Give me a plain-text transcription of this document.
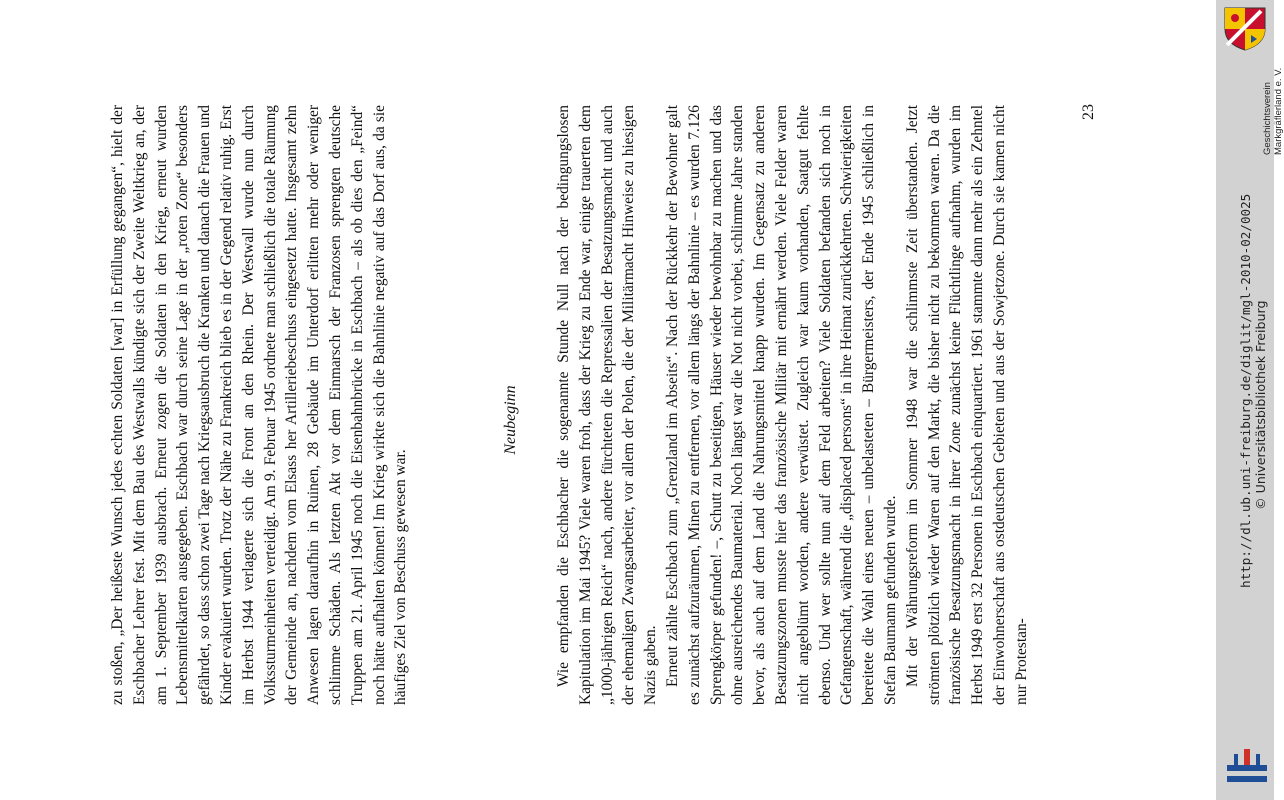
zu stoßen, „Der heißeste Wunsch jedes echten Soldaten [war] in Erfüllung gegangen“, hielt der Eschbacher Lehrer fest. Mit dem Bau des Westwalls kündigte sich der Zweite Weltkrieg an, der am 1. September 1939 ausbrach. Erneut zogen die Soldaten in den Krieg, erneut wurden Lebensmittelkarten ausgegeben. Eschbach war durch seine Lage in der „roten Zone“ besonders gefährdet, so dass schon zwei Tage nach Kriegsausbruch die Kranken und danach die Frauen und Kinder evakuiert wurden. Trotz der Nähe zu Frankreich blieb es in der Gegend relativ ruhig. Erst im Herbst 1944 verlagerte sich die Front an den Rhein. Der Westwall wurde nun durch Volkssturmeinheiten verteidigt. Am 9. Februar 1945 ordnete man schließlich die totale Räumung der Gemeinde an, nachdem vom Elsass her Artilleriebeschuss eingesetzt hatte. Insgesamt zehn Anwesen lagen daraufhin in Ruinen, 28 Gebäude im Unterdorf erlitten mehr oder weniger schlimme Schäden. Als letzten Akt vor dem Einmarsch der Franzosen sprengten deutsche Truppen am 21. April 1945 noch die Eisenbahnbrücke in Eschbach – als ob dies den „Feind“ noch hätte aufhalten können! Im Krieg wirkte sich die Bahnlinie negativ auf das Dorf aus, da sie häufiges Ziel von Beschuss gewesen war.

Neubeginn Wie empfanden die Eschbacher die sogenannte Stunde Null nach der bedingungslosen Kapitulation im Mai 1945? Viele waren froh, dass der Krieg zu Ende war, einige trauerten dem „1000-jährigen Reich“ nach, andere fürchteten die Repressalien der Besatzungsmacht und auch der ehemaligen Zwangsarbeiter, vor allem der Polen, die der Militärmacht Hinweise zu hiesigen Nazis gaben. Erneut zählte Eschbach zum „Grenzland im Abseits“. Nach der Rückkehr der Bewohner galt es zunächst aufzuräumen, Minen zu entfernen, vor allem längs der Bahnlinie – es wurden 7.126 Sprengkörper gefunden! –, Schutt zu beseitigen, Häuser wieder bewohnbar zu machen und das ohne ausreichendes Baumaterial. Noch längst war die Not nicht vorbei, schlimme Jahre standen bevor, als auch auf dem Land die Nahrungsmittel knapp wurden. Im Gegensatz zu anderen Besatzungszonen musste hier das französische Militär mit ernährt werden. Viele Felder waren nicht angeblümt worden, andere verwüstet. Zugleich war kaum vorhanden, Saatgut fehlte ebenso. Und wer sollte nun auf dem Feld arbeiten? Viele Soldaten befanden sich noch in Gefangenschaft, während die „displaced persons“ in ihre Heimat zurückkehrten. Schwierigkeiten bereitete die Wahl eines neuen – unbelasteten – Bürgermeisters, der Ende 1945 schließlich in Stefan Baumann gefunden wurde. Mit der Währungsreform im Sommer 1948 war die schlimmste Zeit überstanden. Jetzt strömten plötzlich wieder Waren auf den Markt, die bisher nicht zu bekommen waren. Da die französische Besatzungsmacht in ihrer Zone zunächst keine Flüchtlinge aufnahm, wurden im Herbst 1949 erst 32 Personen in Eschbach einquartiert. 1961 stammte dann mehr als ein Zehntel der Einwohnerschaft aus ostdeutschen Gebieten und aus der Sowjetzone. Durch sie kamen nicht nur Protestan-

23	Geschichtsverein Markgräflerland e. V.
http://dl.ub.uni-freiburg.de/diglit/mgl-2010-02/0025 © Universitätsbibliothek Freiburg
